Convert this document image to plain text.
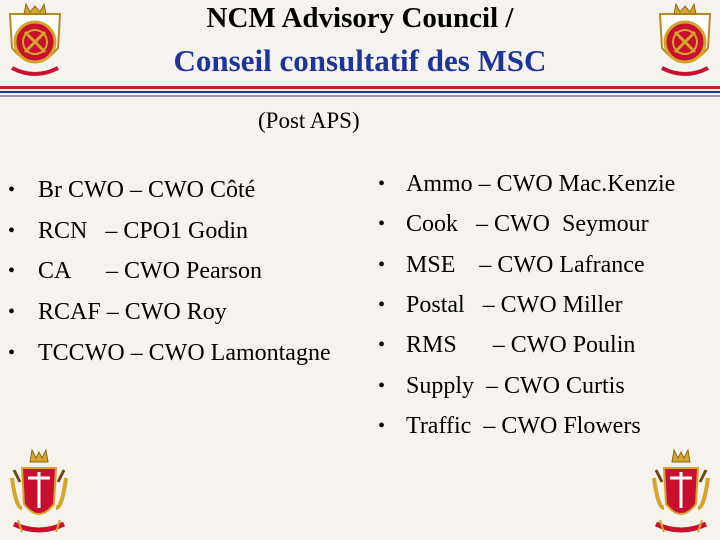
NCM Advisory Council /
Conseil consultatif des MSC
(Post APS)
• Br CWO – CWO Côté
• RCN   – CPO1 Godin
• CA      – CWO Pearson
• RCAF – CWO Roy
• TCCWO – CWO Lamontagne
• Ammo – CWO Mac.Kenzie
• Cook   – CWO  Seymour
• MSE    – CWO Lafrance
• Postal   – CWO Miller
• RMS      – CWO Poulin
• Supply  – CWO Curtis
• Traffic  – CWO Flowers
